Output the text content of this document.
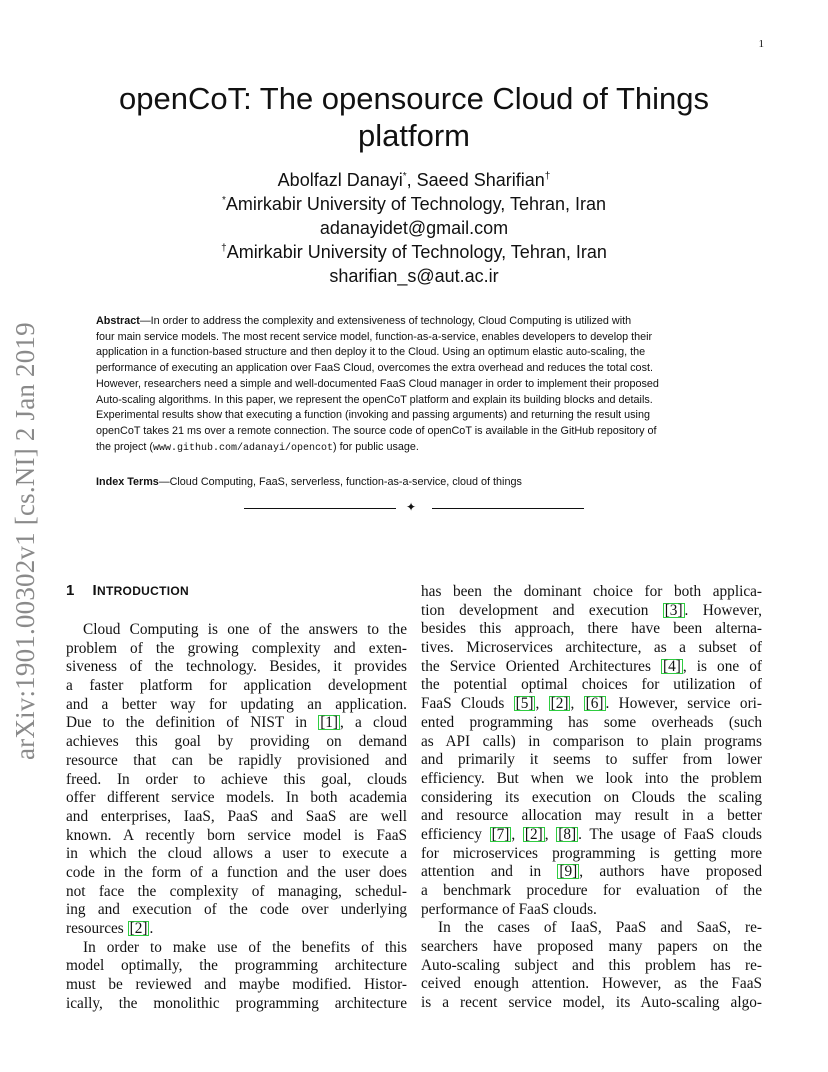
1
arXiv:1901.00302v1 [cs.NI] 2 Jan 2019
openCoT: The opensource Cloud of Things
platform
Abolfazl Danayi*, Saeed Sharifian†
*Amirkabir University of Technology, Tehran, Iran
adanayidet@gmail.com
†Amirkabir University of Technology, Tehran, Iran
sharifian_s@aut.ac.ir
Abstract—In order to address the complexity and extensiveness of technology, Cloud Computing is utilized with
four main service models. The most recent service model, function-as-a-service, enables developers to develop their
application in a function-based structure and then deploy it to the Cloud. Using an optimum elastic auto-scaling, the
performance of executing an application over FaaS Cloud, overcomes the extra overhead and reduces the total cost.
However, researchers need a simple and well-documented FaaS Cloud manager in order to implement their proposed
Auto-scaling algorithms. In this paper, we represent the openCoT platform and explain its building blocks and details.
Experimental results show that executing a function (invoking and passing arguments) and returning the result using
openCoT takes 21 ms over a remote connection. The source code of openCoT is available in the GitHub repository of
the project (www.github.com/adanayi/opencot) for public usage.
Index Terms—Cloud Computing, FaaS, serverless, function-as-a-service, cloud of things
✦
1 INTRODUCTION
Cloud Computing is one of the answers to the
problem of the growing complexity and exten-
siveness of the technology. Besides, it provides
a faster platform for application development
and a better way for updating an application.
Due to the definition of NIST in [1] , a cloud
achieves this goal by providing on demand
resource that can be rapidly provisioned and
freed. In order to achieve this goal, clouds
offer different service models. In both academia
and enterprises, IaaS, PaaS and SaaS are well
known. A recently born service model is FaaS
in which the cloud allows a user to execute a
code in the form of a function and the user does
not face the complexity of managing, schedul-
ing and execution of the code over underlying
resources [2] .
In order to make use of the benefits of this
model optimally, the programming architecture
must be reviewed and maybe modified. Histor-
ically, the monolithic programming architecture
has been the dominant choice for both applica-
tion development and execution [3] . However,
besides this approach, there have been alterna-
tives. Microservices architecture, as a subset of
the Service Oriented Architectures [4] , is one of
the potential optimal choices for utilization of
FaaS Clouds [5] , [2] , [6] . However, service ori-
ented programming has some overheads (such
as API calls) in comparison to plain programs
and primarily it seems to suffer from lower
efficiency. But when we look into the problem
considering its execution on Clouds the scaling
and resource allocation may result in a better
efficiency [7] , [2] , [8] . The usage of FaaS clouds
for microservices programming is getting more
attention and in [9] , authors have proposed
a benchmark procedure for evaluation of the
performance of FaaS clouds.
In the cases of IaaS, PaaS and SaaS, re-
searchers have proposed many papers on the
Auto-scaling subject and this problem has re-
ceived enough attention. However, as the FaaS
is a recent service model, its Auto-scaling algo-
